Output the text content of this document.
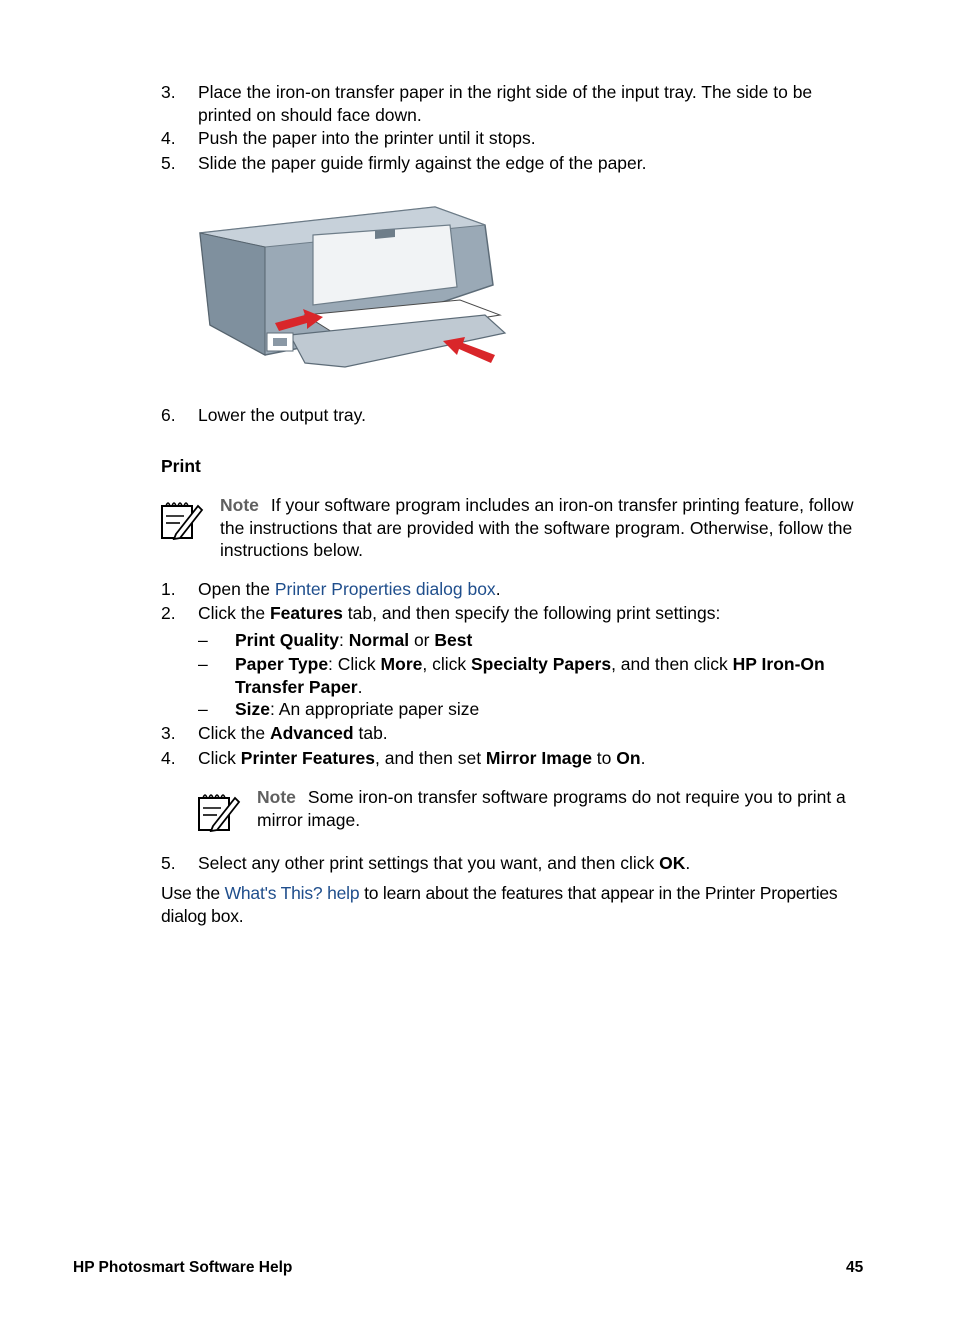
3.	Place the iron-on transfer paper in the right side of the input tray. The side to be printed on should face down.
4.	Push the paper into the printer until it stops.
5.	Slide the paper guide firmly against the edge of the paper.
6.	Lower the output tray.
Print
Note If your software program includes an iron-on transfer printing feature, follow the instructions that are provided with the software program. Otherwise, follow the instructions below.
1.	Open the Printer Properties dialog box.
2.	Click the Features tab, and then specify the following print settings:
–	Print Quality: Normal or Best
–	Paper Type: Click More, click Specialty Papers, and then click HP Iron-On Transfer Paper.
–	Size: An appropriate paper size
3.	Click the Advanced tab.
4.	Click Printer Features, and then set Mirror Image to On.
Note Some iron-on transfer software programs do not require you to print a mirror image.
5.	Select any other print settings that you want, and then click OK.
Use the What's This? help to learn about the features that appear in the Printer Properties dialog box.
HP Photosmart Software Help	45
